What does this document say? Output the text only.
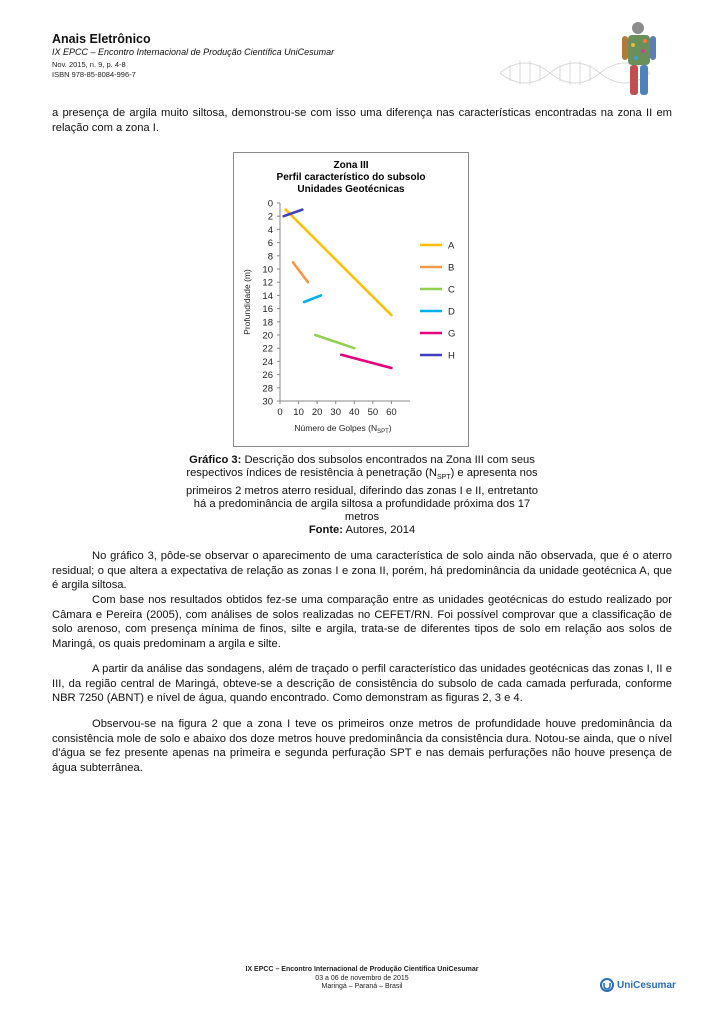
Anais Eletrônico
IX EPCC – Encontro Internacional de Produção Científica UniCesumar
Nov. 2015, n. 9, p. 4-8
ISBN 978-85-8084-996-7
a presença de argila muito siltosa, demonstrou-se com isso uma diferença nas características encontradas na zona II em relação com a zona I.
Zona III
Perfil característico do subsolo
Unidades Geotécnicas
0
2
4
6
8
10
12
14
16
18
20
22
24
26
28
30
0 10 20 30 40 50 60
Número de Golpes $(N_{SPT})$
Profundidade (m)
A
B
C
D
G
H
Gráfico 3: Descrição dos subsolos encontrados na Zona III com seus respectivos índices de resistência à penetração $(N_{SPT})$ e apresenta nos primeiros 2 metros aterro residual, diferindo das zonas I e II, entretanto há a predominância de argila siltosa a profundidade próxima dos 17 metros
Fonte: Autores, 2014
No gráfico 3, pôde-se observar o aparecimento de uma característica de solo ainda não observada, que é o aterro residual; o que altera a expectativa de relação as zonas I e zona II, porém, há predominância da unidade geotécnica A, que é argila siltosa.
Com base nos resultados obtidos fez-se uma comparação entre as unidades geotécnicas do estudo realizado por Câmara e Pereira (2005), com análises de solos realizadas no CEFET/RN. Foi possível comprovar que a classificação de solo arenoso, com presença mínima de finos, silte e argila, trata-se de diferentes tipos de solo em relação aos solos de Maringá, os quais predominam a argila e silte.
A partir da análise das sondagens, além de traçado o perfil característico das unidades geotécnicas das zonas I, II e III, da região central de Maringá, obteve-se a descrição de consistência do subsolo de cada camada perfurada, conforme NBR 7250 (ABNT) e nível de água, quando encontrado. Como demonstram as figuras 2, 3 e 4.
Observou-se na figura 2 que a zona I teve os primeiros onze metros de profundidade houve predominância da consistência mole de solo e abaixo dos doze metros houve predominância da consistência dura. Notou-se ainda, que o nível d'água se fez presente apenas na primeira e segunda perfuração SPT e nas demais perfurações não houve presença de água subterrânea.
IX EPCC – Encontro Internacional de Produção Científica UniCesumar
03 a 06 de novembro de 2015
Maringá – Paraná – Brasil	UniCesumar
